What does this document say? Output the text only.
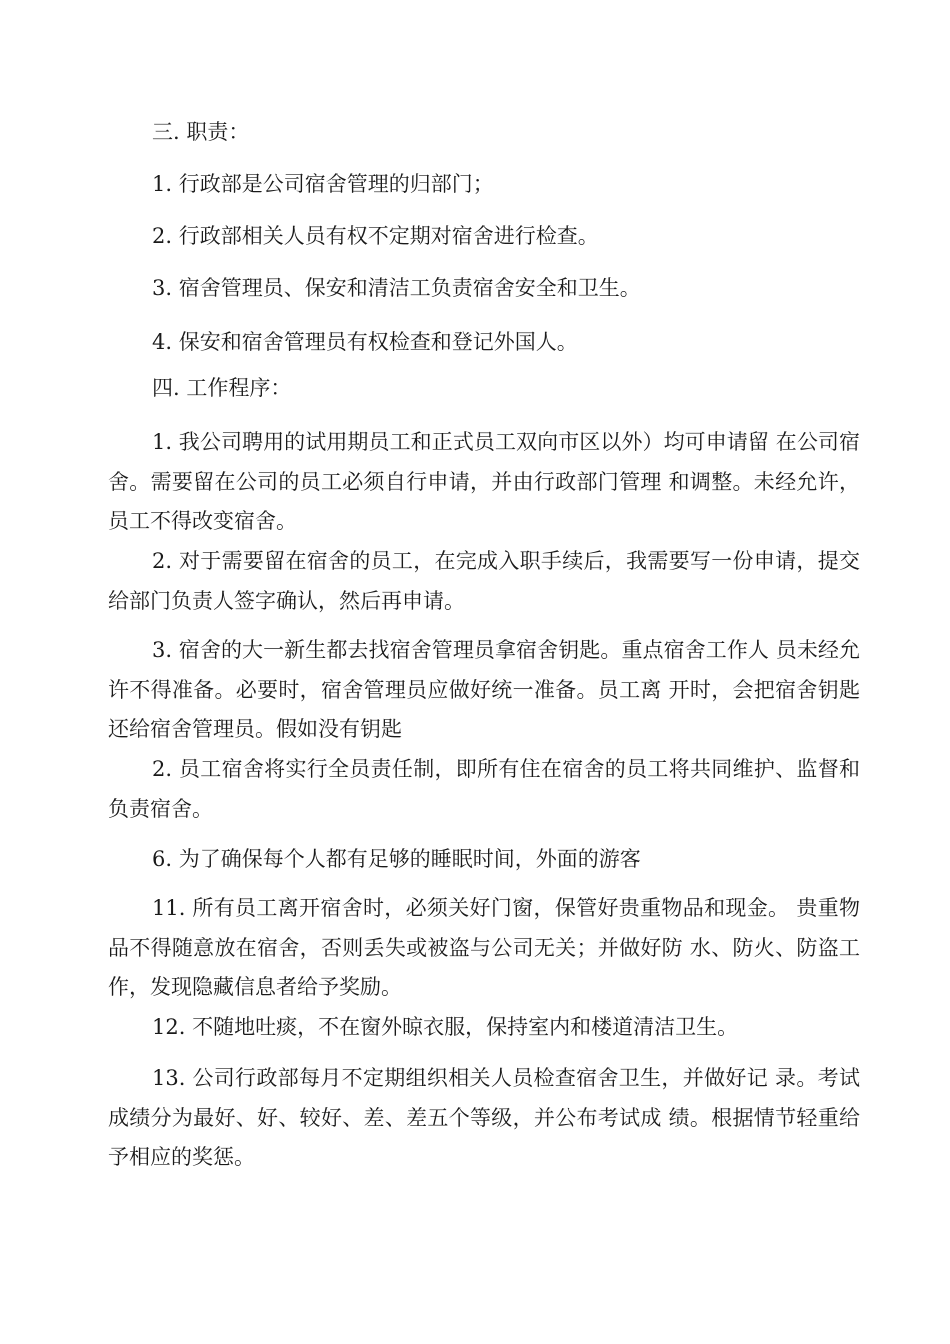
三. 职责：

1. 行政部是公司宿舍管理的归部门；

2. 行政部相关人员有权不定期对宿舍进行检查。

3. 宿舍管理员、保安和清洁工负责宿舍安全和卫生。

4. 保安和宿舍管理员有权检查和登记外国人。

四. 工作程序：

1. 我公司聘用的试用期员工和正式员工双向市区以外）均可申请留 在公司宿舍。需要留在公司的员工必须自行申请，并由行政部门管理 和调整。未经允许，员工不得改变宿舍。

2. 对于需要留在宿舍的员工，在完成入职手续后，我需要写一份申请，提交给部门负责人签字确认，然后再申请。

3. 宿舍的大一新生都去找宿舍管理员拿宿舍钥匙。重点宿舍工作人 员未经允许不得准备。必要时，宿舍管理员应做好统一准备。员工离 开时，会把宿舍钥匙还给宿舍管理员。假如没有钥匙

2. 员工宿舍将实行全员责任制，即所有住在宿舍的员工将共同维护、监督和负责宿舍。

6. 为了确保每个人都有足够的睡眠时间，外面的游客

11. 所有员工离开宿舍时，必须关好门窗，保管好贵重物品和现金。 贵重物品不得随意放在宿舍，否则丢失或被盗与公司无关；并做好防 水、防火、防盗工作，发现隐藏信息者给予奖励。

12. 不随地吐痰，不在窗外晾衣服，保持室内和楼道清洁卫生。

13. 公司行政部每月不定期组织相关人员检查宿舍卫生，并做好记 录。考试成绩分为最好、好、较好、差、差五个等级，并公布考试成 绩。根据情节轻重给予相应的奖惩。
